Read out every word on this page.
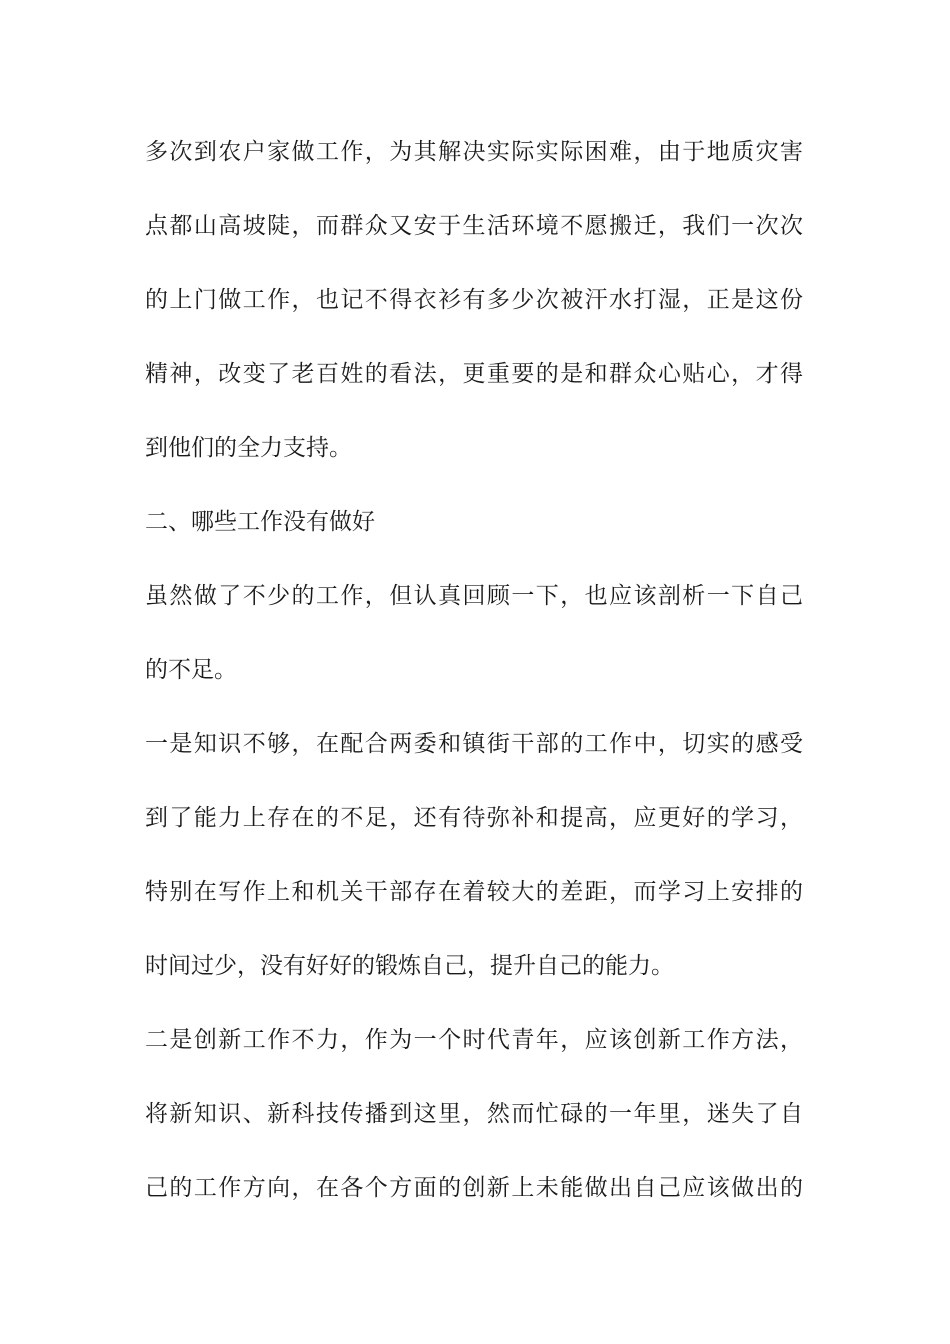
多次到农户家做工作，为其解决实际实际困难，由于地质灾害
点都山高坡陡，而群众又安于生活环境不愿搬迁，我们一次次
的上门做工作，也记不得衣衫有多少次被汗水打湿，正是这份
精神，改变了老百姓的看法，更重要的是和群众心贴心，才得
到他们的全力支持。
二、哪些工作没有做好
虽然做了不少的工作，但认真回顾一下，也应该剖析一下自己
的不足。
一是知识不够，在配合两委和镇街干部的工作中，切实的感受
到了能力上存在的不足，还有待弥补和提高，应更好的学习，
特别在写作上和机关干部存在着较大的差距，而学习上安排的
时间过少，没有好好的锻炼自己，提升自己的能力。
二是创新工作不力，作为一个时代青年，应该创新工作方法，
将新知识、新科技传播到这里，然而忙碌的一年里，迷失了自
己的工作方向，在各个方面的创新上未能做出自己应该做出的
